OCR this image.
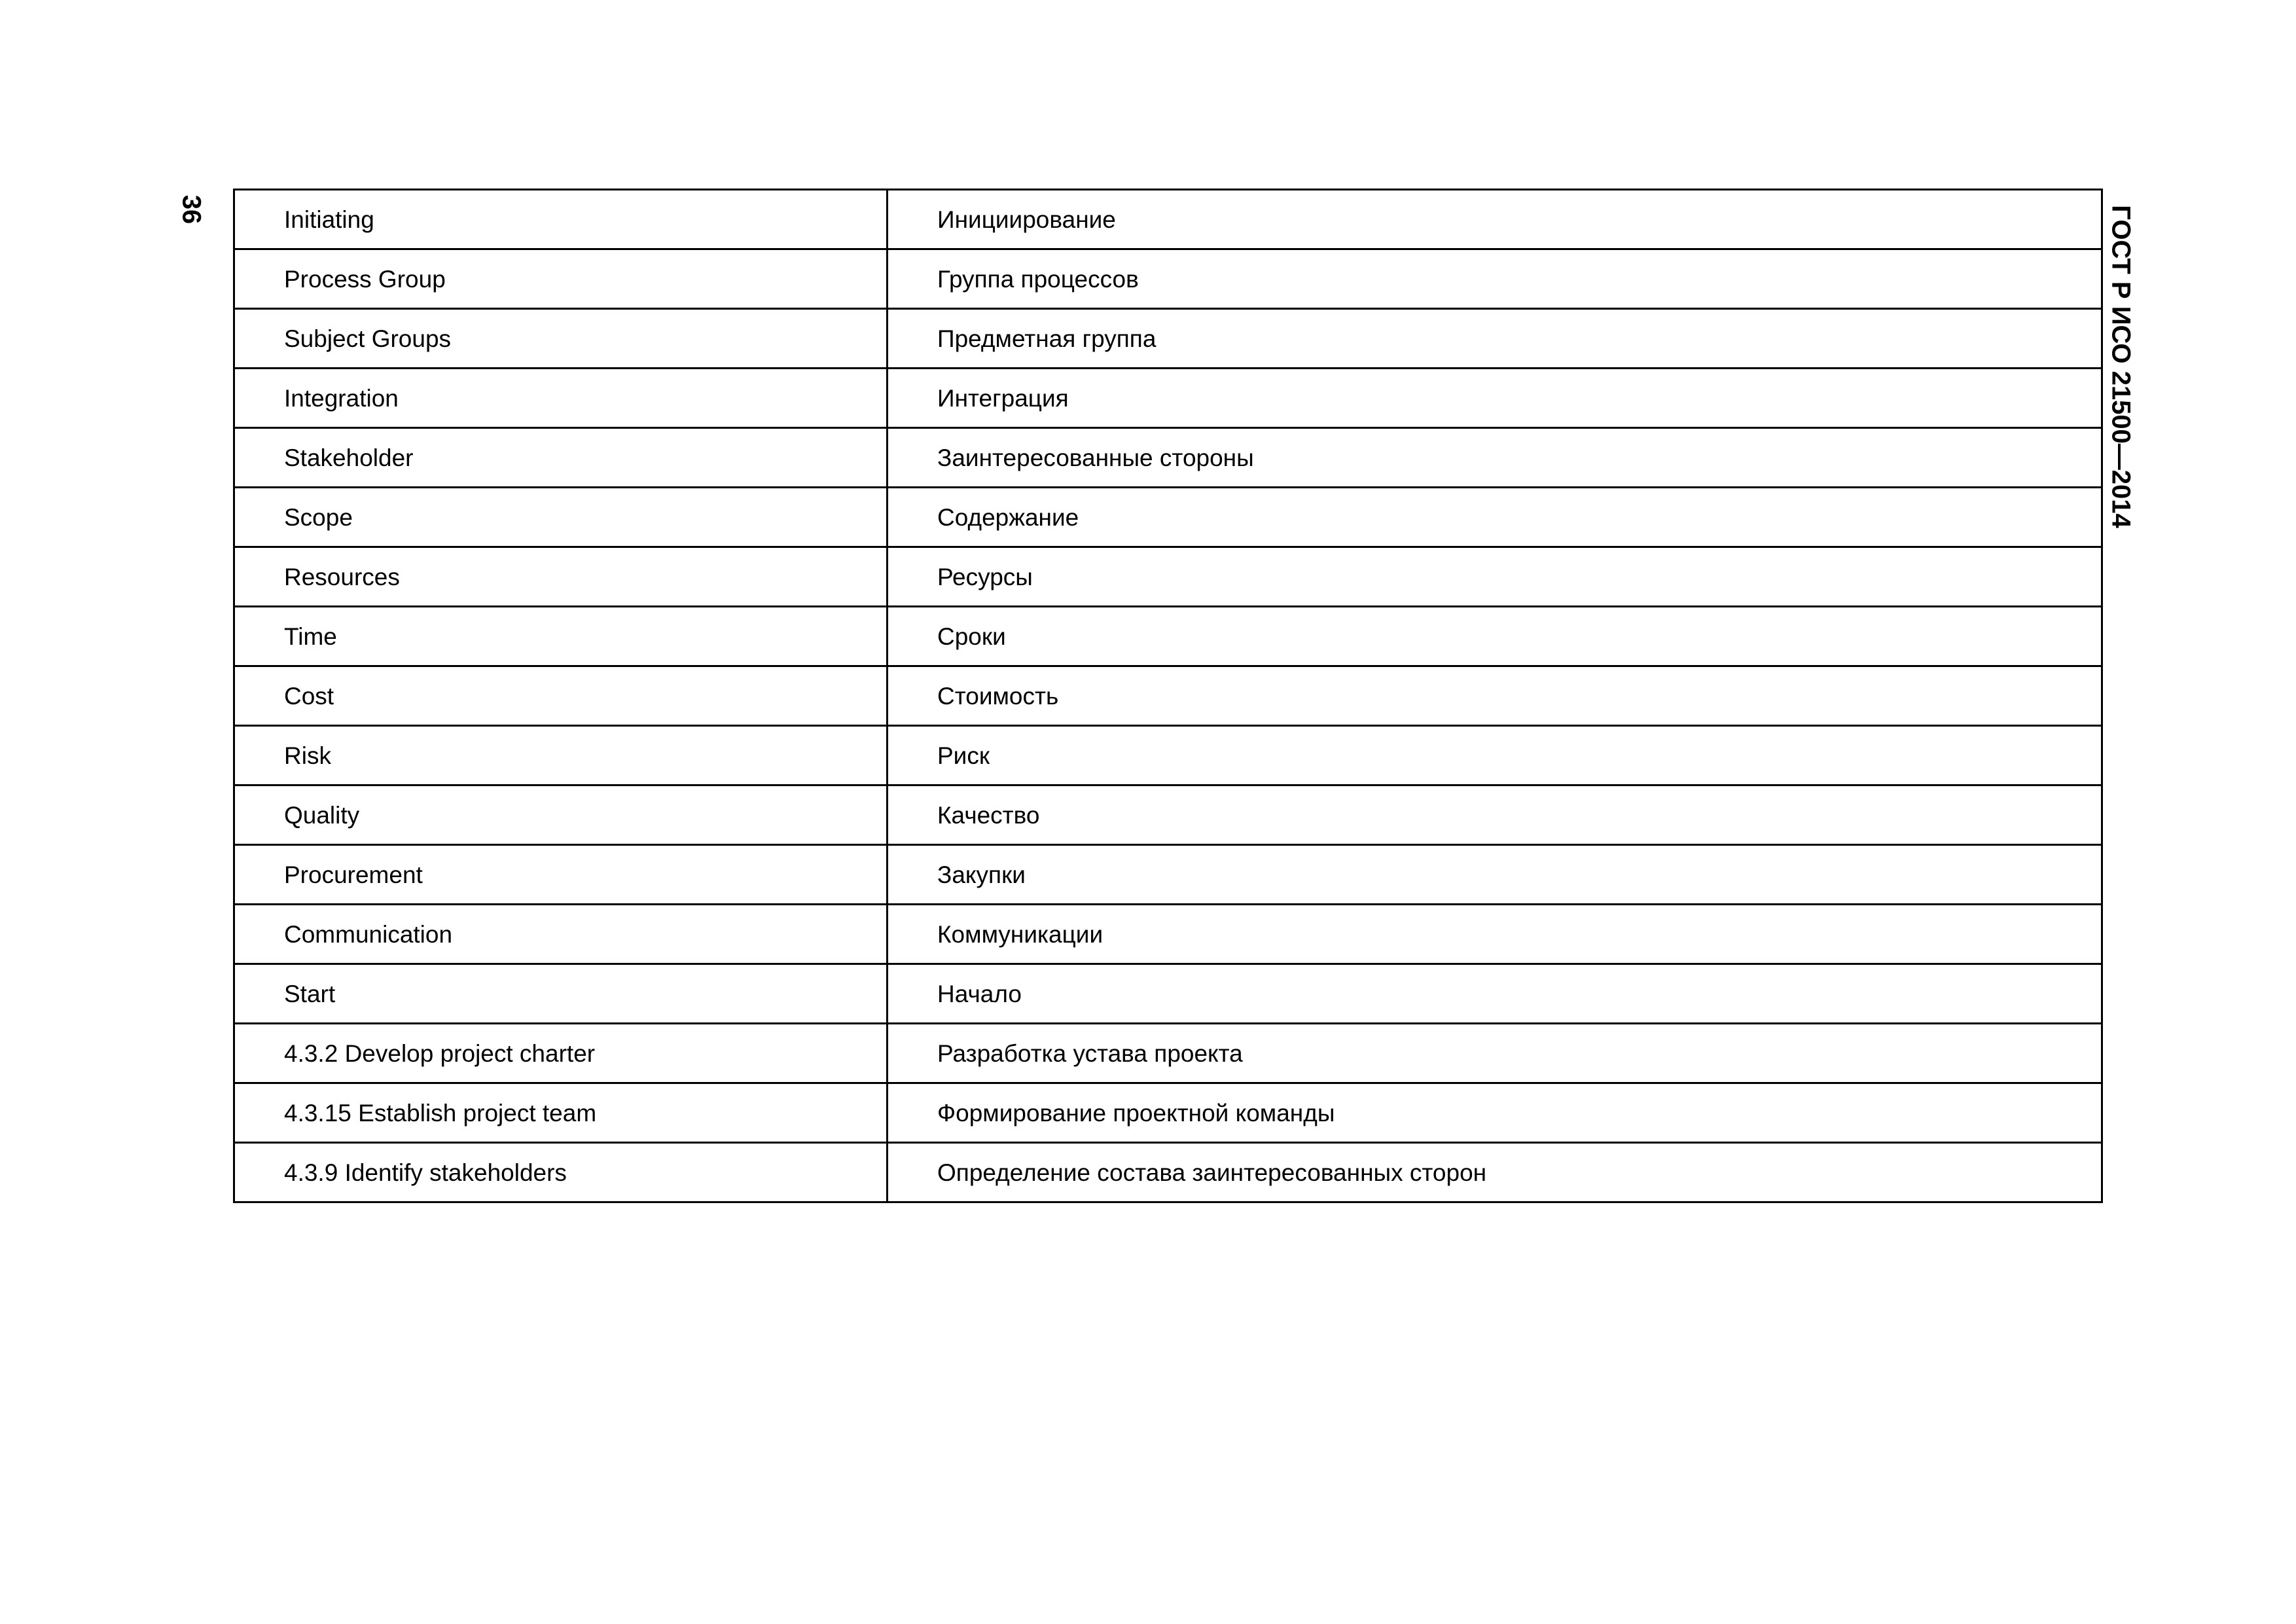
36	ГОСТ Р ИСО 21500—2014
Initiating	Инициирование
Process Group	Группа процессов
Subject Groups	Предметная группа
Integration	Интеграция
Stakeholder	Заинтересованные стороны
Scope	Содержание
Resources	Ресурсы
Time	Сроки
Cost	Стоимость
Risk	Риск
Quality	Качество
Procurement	Закупки
Communication	Коммуникации
Start	Начало
4.3.2 Develop project charter	Разработка устава проекта
4.3.15 Establish project team	Формирование проектной команды
4.3.9 Identify stakeholders	Определение состава заинтересованных сторон
